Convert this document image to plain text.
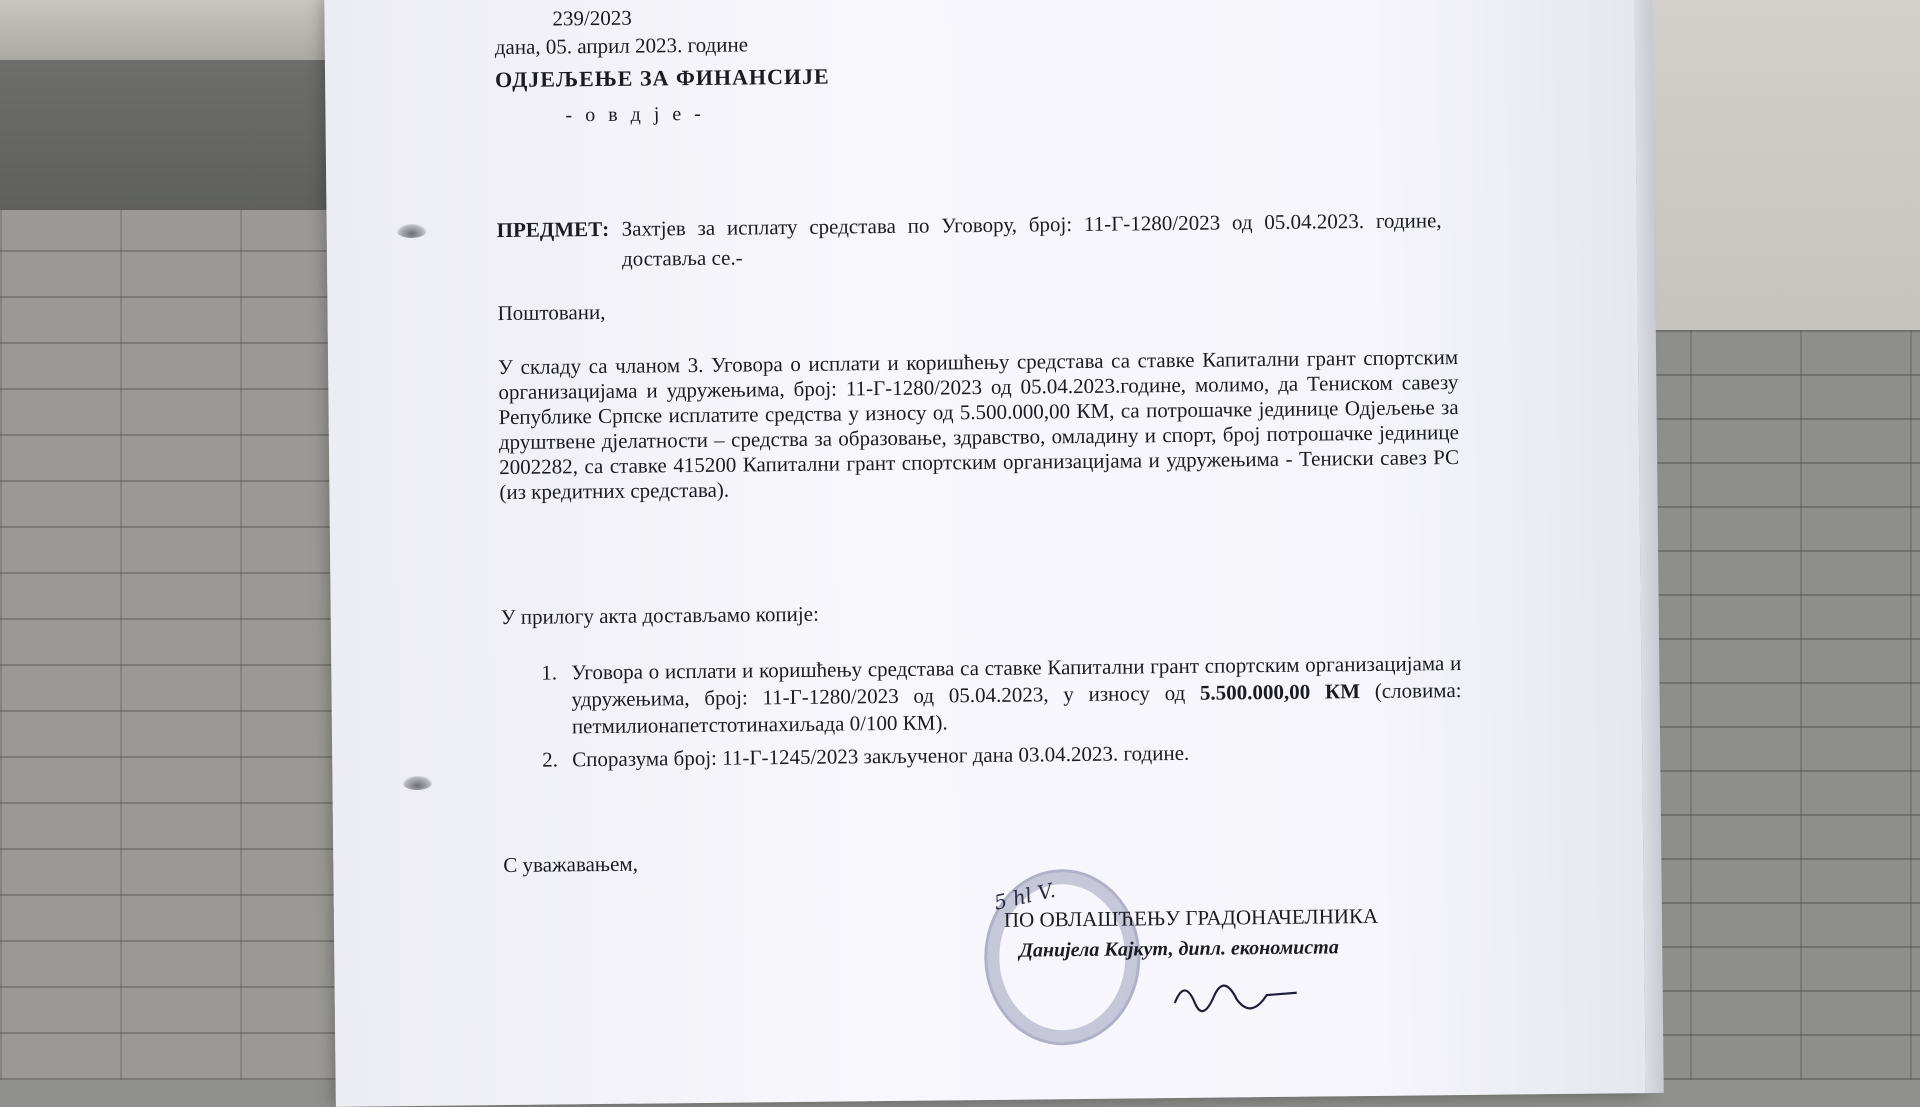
239/2023
дана, 05. април 2023. године
ОДЈЕЉЕЊЕ ЗА ФИНАНСИЈЕ
- о в д ј е -
ПРЕДМЕТ: Захтјев за исплату средстава по Уговору, број: 11-Г-1280/2023 од 05.04.2023. године, доставља се.-
Поштовани,
У складу са чланом 3. Уговора о исплати и коришћењу средстава са ставке Капитални грант спортским организацијама и удружењима, број: 11-Г-1280/2023 од 05.04.2023.године, молимо, да Тениском савезу Републике Српске исплатите средства у износу од 5.500.000,00 КМ, са потрошачке јединице Одјељење за друштвене дјелатности – средства за образовање, здравство, омладину и спорт, број потрошачке јединице 2002282, са ставке 415200 Капитални грант спортским организацијама и удружењима - Тениски савез РС (из кредитних средстава).
У прилогу акта достављамо копије:
1. Уговора о исплати и коришћењу средстава са ставке Капитални грант спортским организацијама и удружењима, број: 11-Г-1280/2023 од 05.04.2023, у износу од 5.500.000,00 КМ (словима: петмилионапетстотинахиљада 0/100 КМ).
2. Споразума број: 11-Г-1245/2023 закљученог дана 03.04.2023. године.
С уважавањем,
5 hl V.
ПО ОВЛАШЋЕЊУ ГРАДОНАЧЕЛНИКА
Данијела Кајкут, дипл. економиста
